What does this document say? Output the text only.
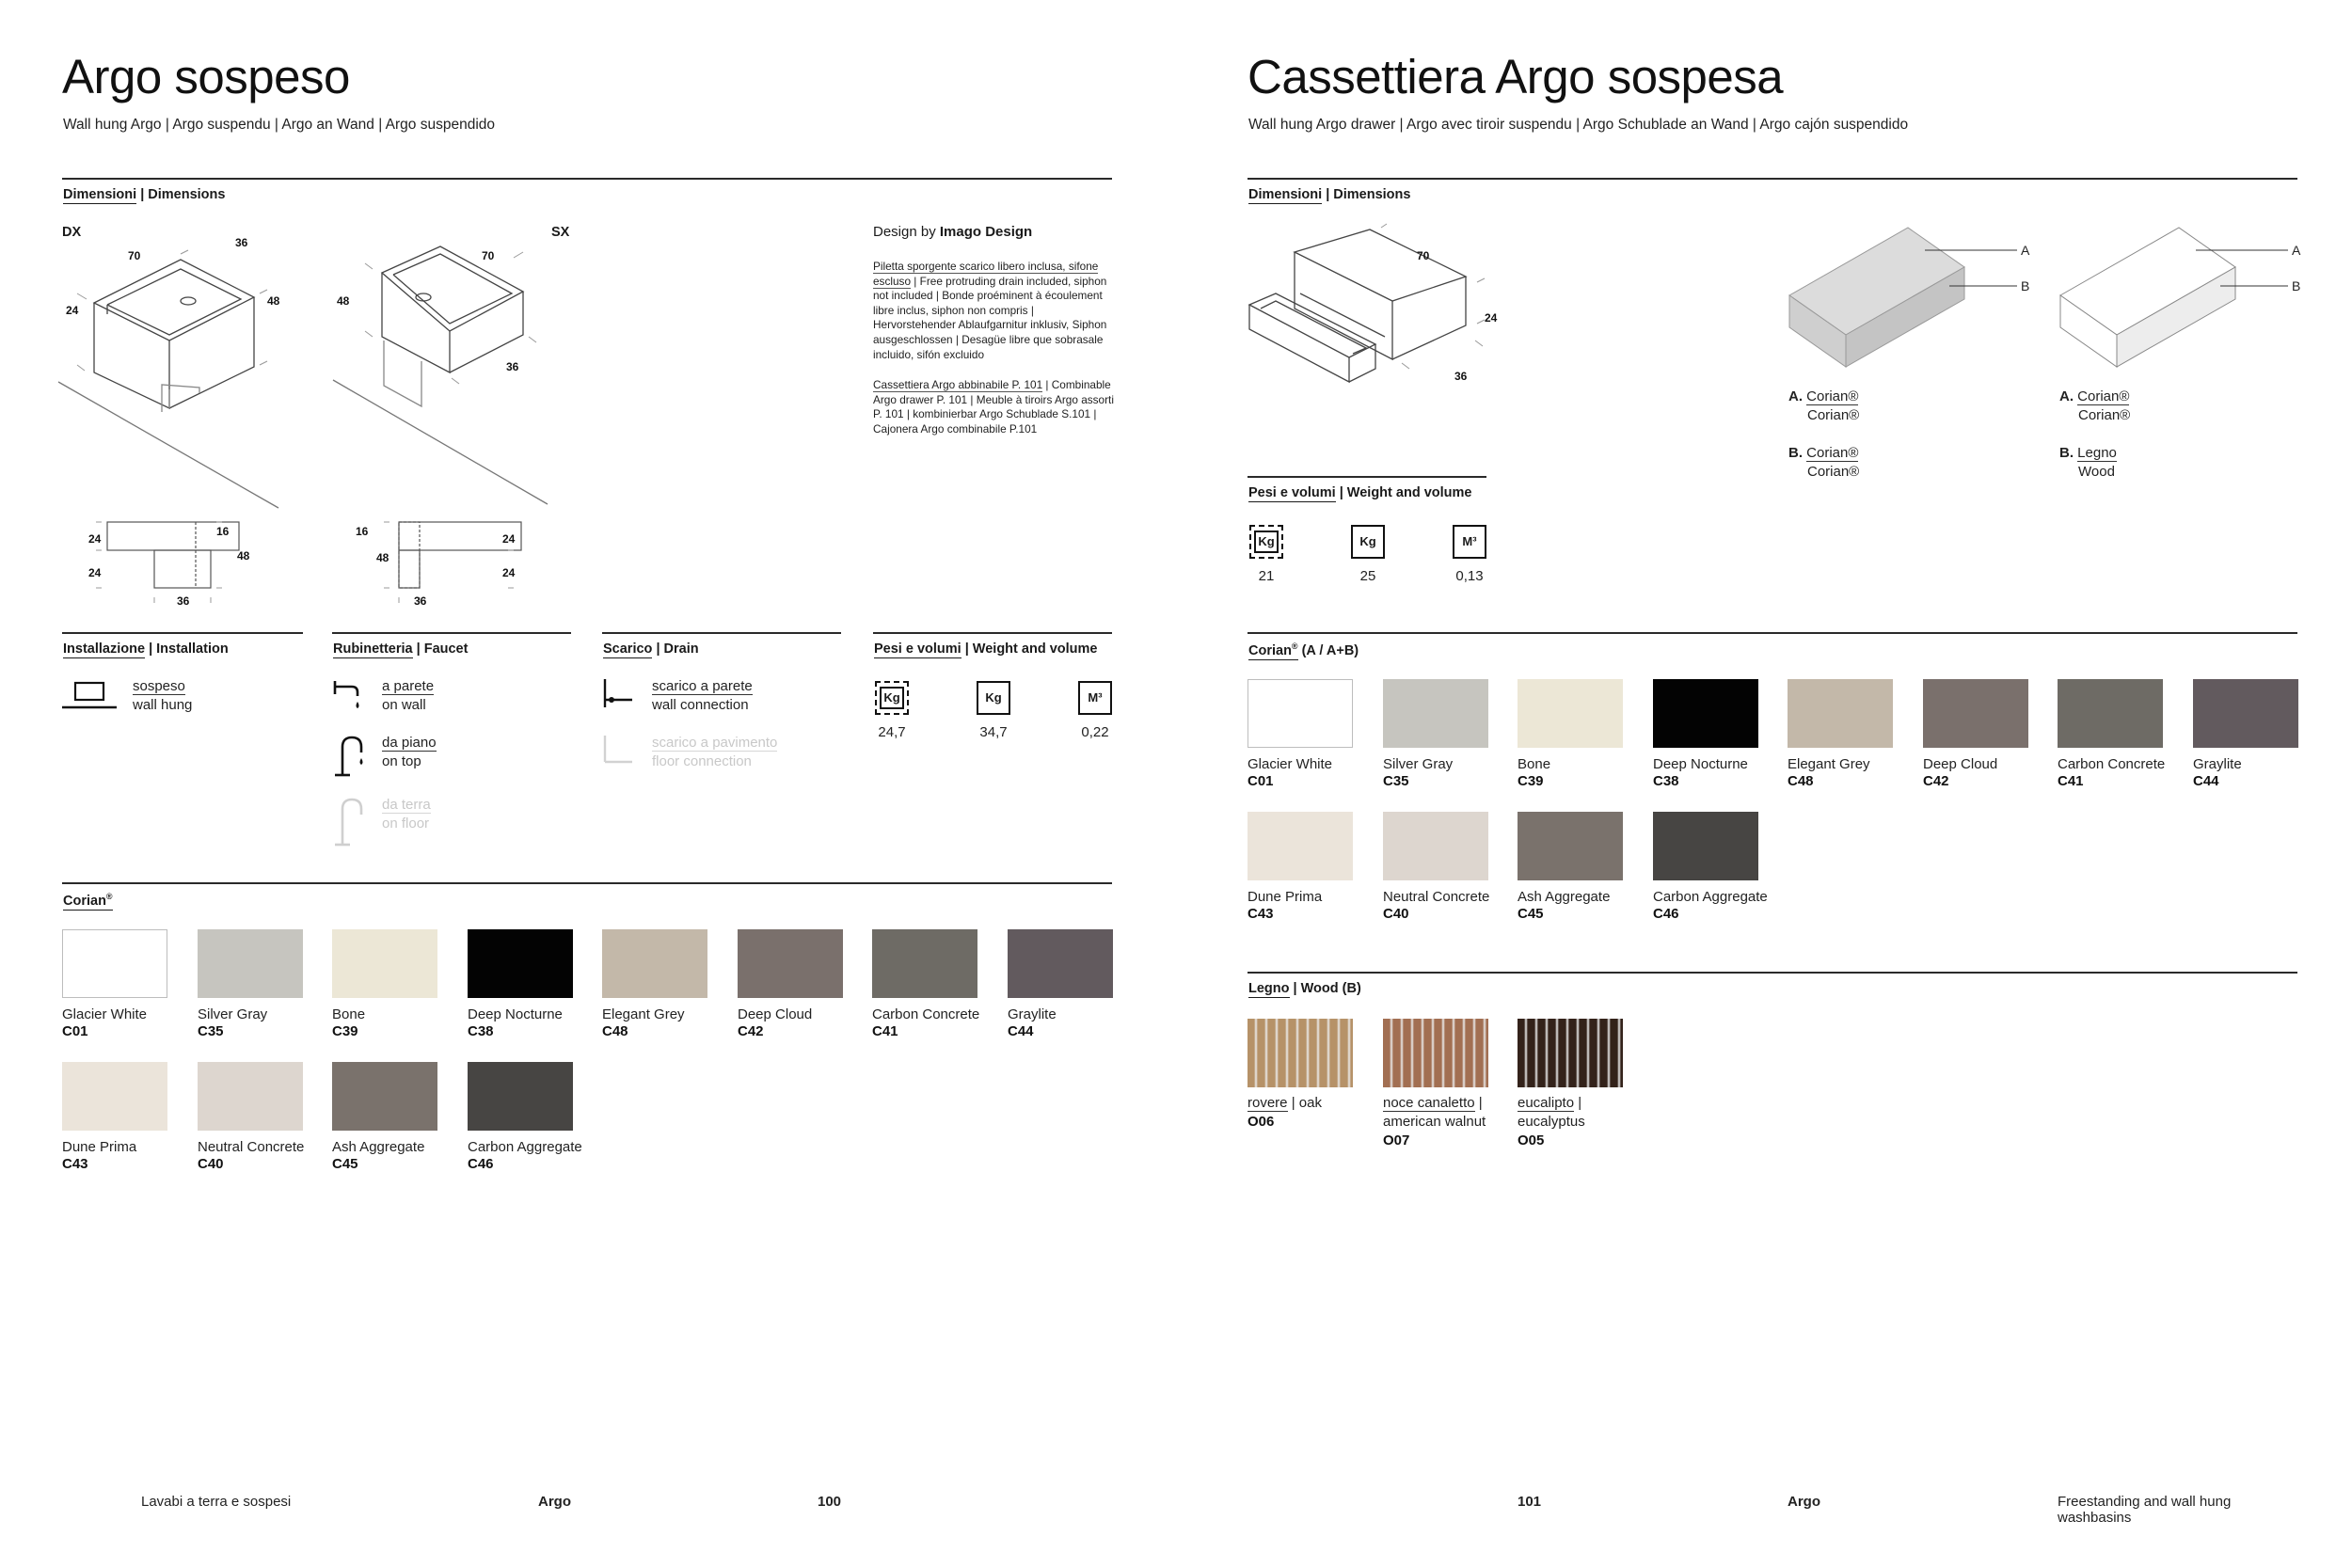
Argo sospeso
Wall hung Argo | Argo suspendu | Argo an Wand | Argo suspendido
Dimensioni | Dimensions
DX	SX
70
36
48
24
70
48
36
24
16
48
24
36
16
24
48
24
36
Design by Imago Design
Piletta sporgente scarico libero inclusa, sifone escluso | Free protruding drain included, siphon not included | Bonde proéminent à écoulement libre inclus, siphon non compris | Hervorstehender Ablaufgarnitur inklusiv, Siphon ausgeschlossen | Desagüe libre que sobrasale incluido, sifón excluido
Cassettiera Argo abbinabile P. 101 | Combinable Argo drawer P. 101 | Meuble à tiroirs Argo assorti P. 101 | kombinierbar Argo Schublade S.101 | Cajonera Argo combinabile P.101
Installazione | Installation
sospeso
wall hung
Rubinetteria | Faucet
a parete
on wall
da piano
on top
da terra
on floor
Scarico | Drain
scarico a parete
wall connection
scarico a pavimento
floor connection
Pesi e volumi | Weight and volume
Kg
24,7
Kg
34,7
M³
0,22
Corian®
Glacier White
C01
Silver Gray
C35
Bone
C39
Deep Nocturne
C38
Elegant Grey
C48
Deep Cloud
C42
Carbon Concrete
C41
Graylite
C44
Dune Prima
C43
Neutral Concrete
C40
Ash Aggregate
C45
Carbon Aggregate
C46
Lavabi a terra e sospesi	Argo	100
Cassettiera Argo sospesa
Wall hung Argo drawer | Argo avec tiroir suspendu | Argo Schublade an Wand | Argo cajón suspendido
Dimensioni | Dimensions
70
24
36
A
B
A
B
A. Corian®
Corian®
B. Corian®
Corian®
A. Corian®
Corian®
B. Legno
Wood
Pesi e volumi | Weight and volume
Kg
21
Kg
25
M³
0,13
Corian® (A / A+B)
Glacier White
C01
Silver Gray
C35
Bone
C39
Deep Nocturne
C38
Elegant Grey
C48
Deep Cloud
C42
Carbon Concrete
C41
Graylite
C44
Dune Prima
C43
Neutral Concrete
C40
Ash Aggregate
C45
Carbon Aggregate
C46
Legno | Wood (B)
rovere | oak
O06
noce canaletto |
american walnut
O07
eucalipto |
eucalyptus
O05
101	Argo	Freestanding and wall hung washbasins
